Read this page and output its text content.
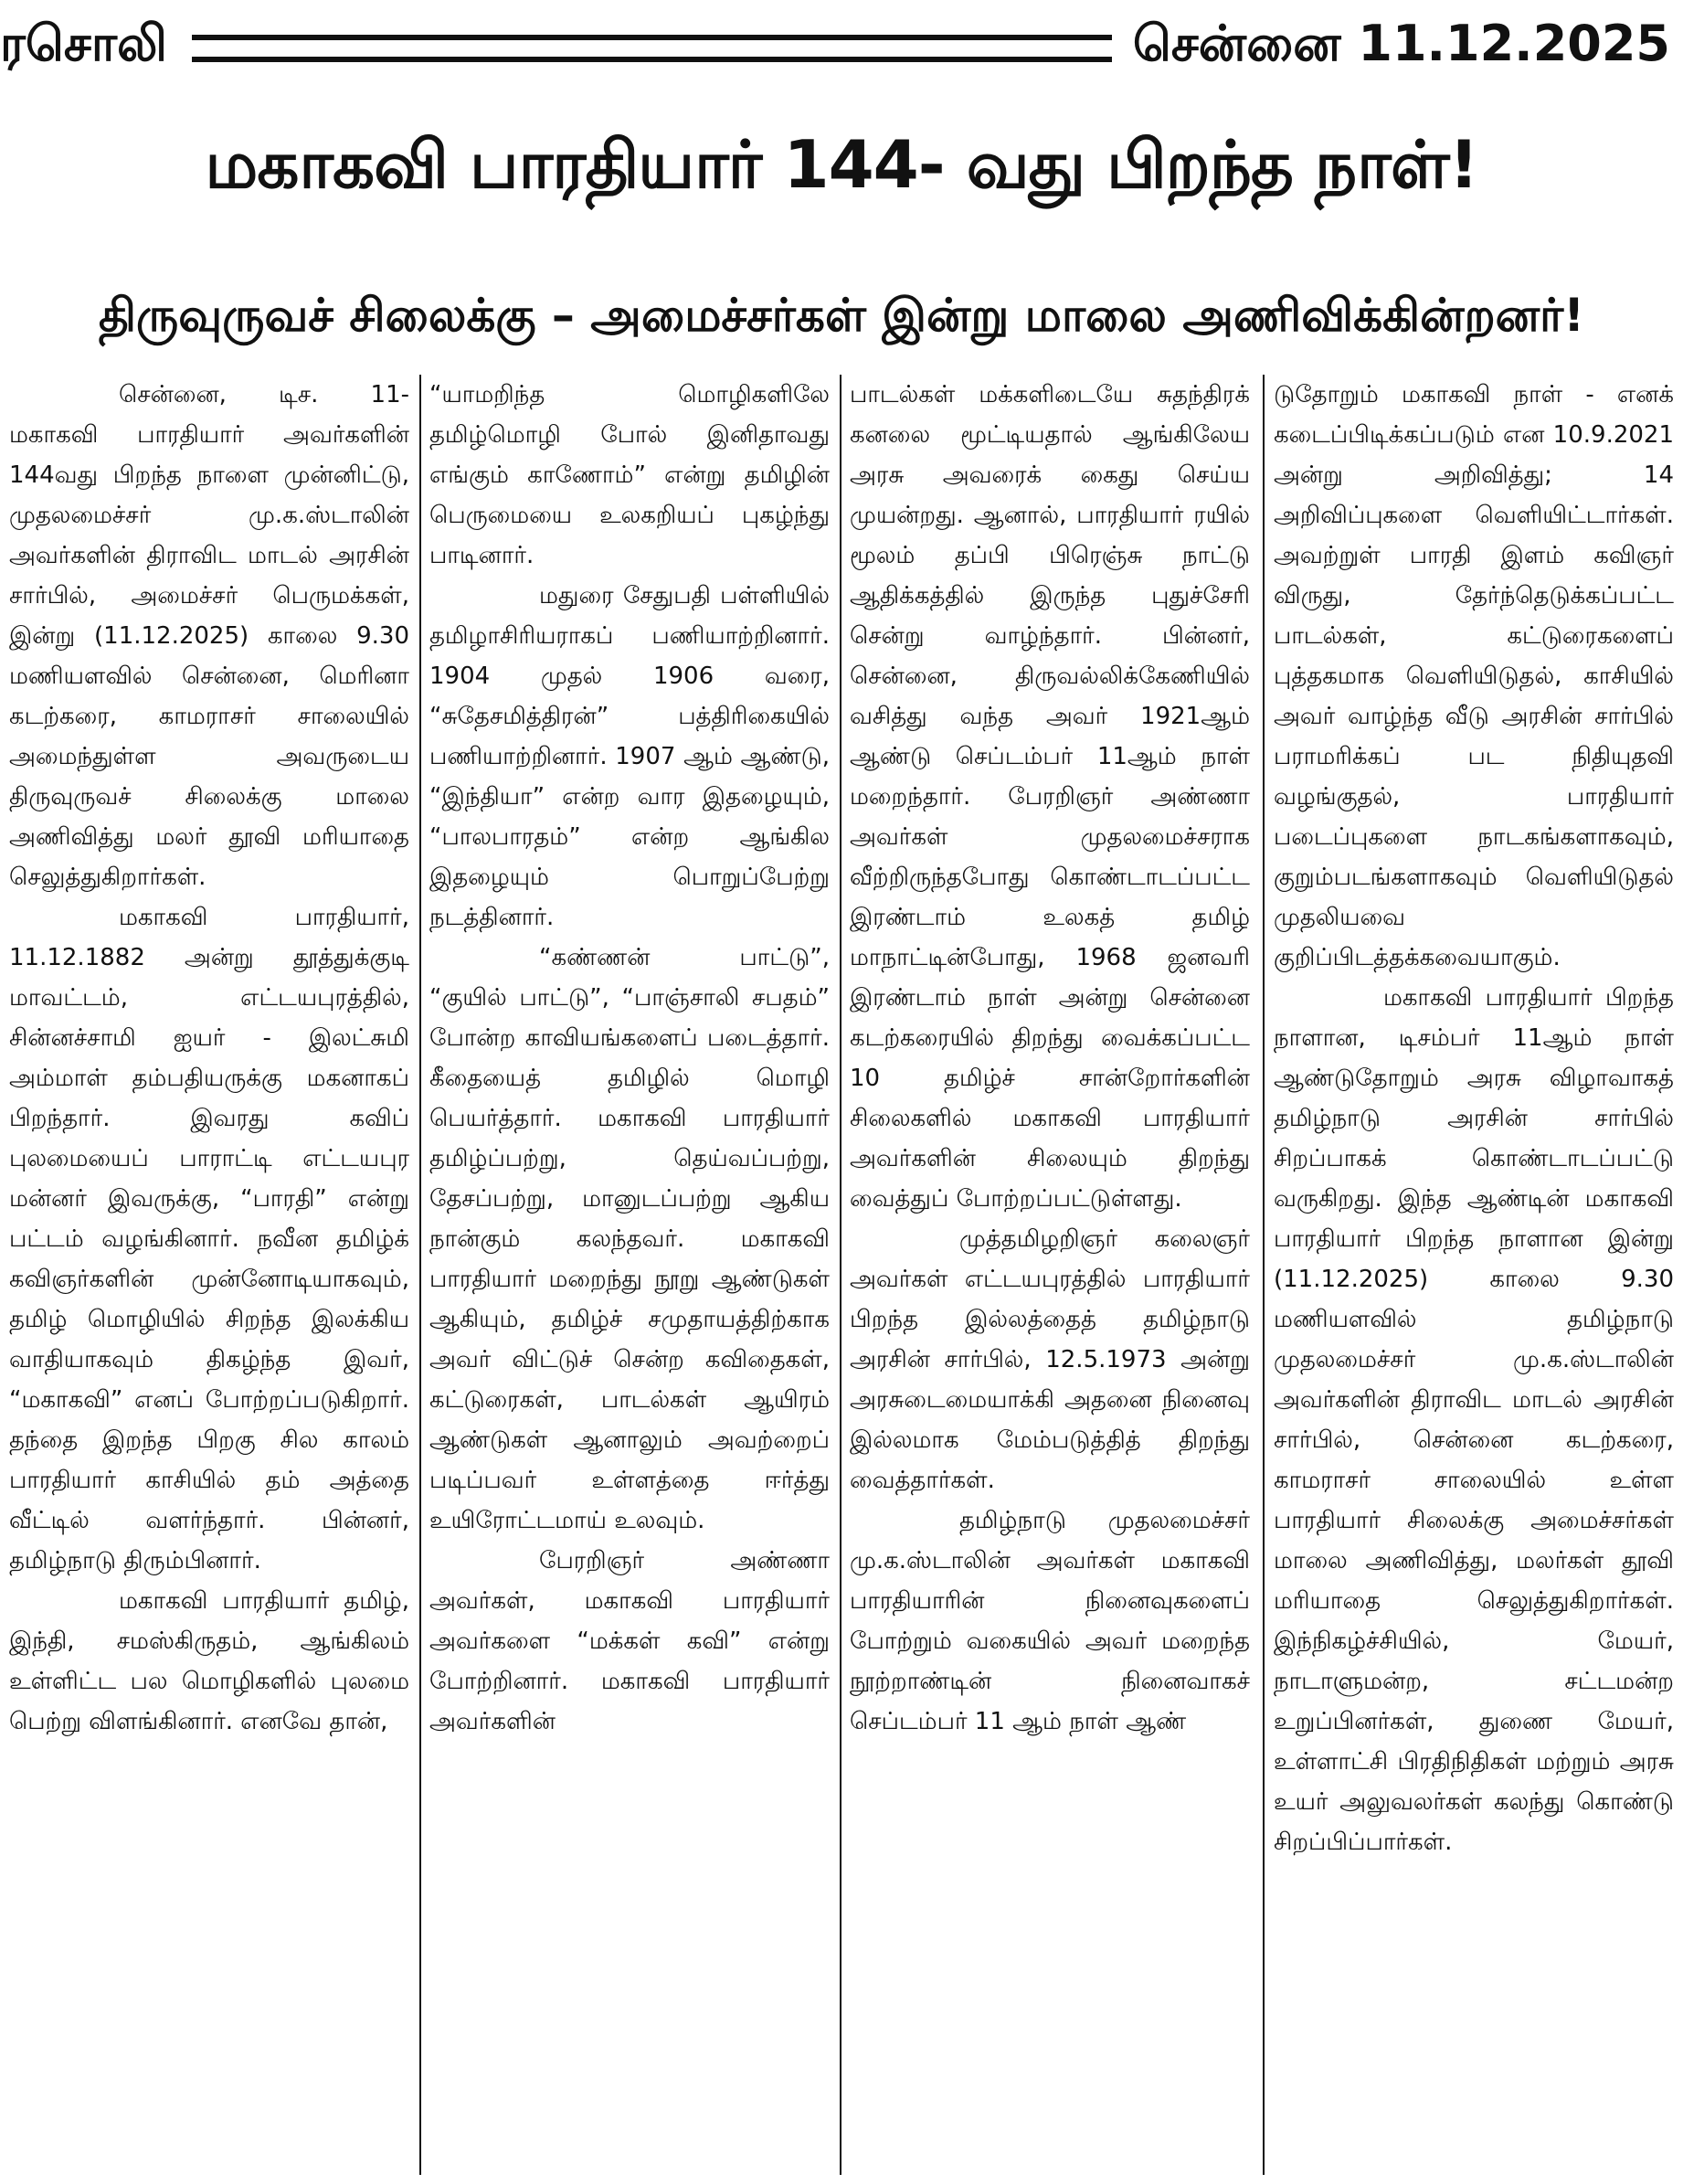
ரசொலி	சென்னை 11.12.2025
மகாகவி பாரதியார் 144- வது பிறந்த நாள்!
திருவுருவச் சிலைக்கு – அமைச்சர்கள் இன்று மாலை அணிவிக்கின்றனர்!

சென்னை, டிச. 11- மகாகவி பாரதியார் அவர்களின் 144வது பிறந்த நாளை முன்னிட்டு, முதலமைச்சர் மு.க.ஸ்டாலின் அவர்களின் திராவிட மாடல் அரசின் சார்பில், அமைச்சர் பெருமக்கள், இன்று (11.12.2025) காலை 9.30 மணியளவில் சென்னை, மெரினா கடற்கரை, காமராசர் சாலையில் அமைந்துள்ள அவருடைய திருவுருவச் சிலைக்கு மாலை அணிவித்து மலர் தூவி மரியாதை செலுத்துகிறார்கள்.

மகாகவி பாரதியார், 11.12.1882 அன்று தூத்துக்குடி மாவட்டம், எட்டயபுரத்தில், சின்னச்சாமி ஐயர் - இலட்சுமி அம்மாள் தம்பதியருக்கு மகனாகப் பிறந்தார். இவரது கவிப் புலமையைப் பாராட்டி எட்டயபுர மன்னர் இவருக்கு, “பாரதி” என்று பட்டம் வழங்கினார். நவீன தமிழ்க் கவிஞர்களின் முன்னோடியாகவும், தமிழ் மொழியில் சிறந்த இலக்கிய வாதியாகவும் திகழ்ந்த இவர், “மகாகவி” எனப் போற்றப்படுகிறார். தந்தை இறந்த பிறகு சில காலம் பாரதியார் காசியில் தம் அத்தை வீட்டில் வளர்ந்தார். பின்னர், தமிழ்நாடு திரும்பினார்.

மகாகவி பாரதியார் தமிழ், இந்தி, சமஸ்கிருதம், ஆங்கிலம் உள்ளிட்ட பல மொழிகளில் புலமை பெற்று விளங்கினார். எனவே தான்,

“யாமறிந்த மொழிகளிலே தமிழ்மொழி போல் இனிதாவது எங்கும் காணோம்” என்று தமிழின் பெருமையை உலகறியப் புகழ்ந்து பாடினார்.

மதுரை சேதுபதி பள்ளியில் தமிழாசிரியராகப் பணியாற்றினார். 1904 முதல் 1906 வரை, “சுதேசமித்திரன்” பத்திரிகையில் பணியாற்றினார். 1907 ஆம் ஆண்டு, “இந்தியா” என்ற வார இதழையும், “பாலபாரதம்” என்ற ஆங்கில இதழையும் பொறுப்பேற்று நடத்தினார்.

“கண்ணன் பாட்டு”, “குயில் பாட்டு”, “பாஞ்சாலி சபதம்” போன்ற காவியங்களைப் படைத்தார். கீதையைத் தமிழில் மொழி பெயர்த்தார். மகாகவி பாரதியார் தமிழ்ப்பற்று, தெய்வப்பற்று, தேசப்பற்று, மானுடப்பற்று ஆகிய நான்கும் கலந்தவர். மகாகவி பாரதியார் மறைந்து நூறு ஆண்டுகள் ஆகியும், தமிழ்ச் சமுதாயத்திற்காக அவர் விட்டுச் சென்ற கவிதைகள், கட்டுரைகள், பாடல்கள் ஆயிரம் ஆண்டுகள் ஆனாலும் அவற்றைப் படிப்பவர் உள்ளத்தை ஈர்த்து உயிரோட்டமாய் உலவும்.

பேரறிஞர் அண்ணா அவர்கள், மகாகவி பாரதியார் அவர்களை “மக்கள் கவி” என்று போற்றினார். மகாகவி பாரதியார் அவர்களின்

பாடல்கள் மக்களிடையே சுதந்திரக் கனலை மூட்டியதால் ஆங்கிலேய அரசு அவரைக் கைது செய்ய முயன்றது. ஆனால், பாரதியார் ரயில் மூலம் தப்பி பிரெஞ்சு நாட்டு ஆதிக்கத்தில் இருந்த புதுச்சேரி சென்று வாழ்ந்தார். பின்னர், சென்னை, திருவல்லிக்கேணியில் வசித்து வந்த அவர் 1921ஆம் ஆண்டு செப்டம்பர் 11ஆம் நாள் மறைந்தார். பேரறிஞர் அண்ணா அவர்கள் முதலமைச்சராக வீற்றிருந்தபோது கொண்டாடப்பட்ட இரண்டாம் உலகத் தமிழ் மாநாட்டின்போது, 1968 ஜனவரி இரண்டாம் நாள் அன்று சென்னை கடற்கரையில் திறந்து வைக்கப்பட்ட 10 தமிழ்ச் சான்றோர்களின் சிலைகளில் மகாகவி பாரதியார் அவர்களின் சிலையும் திறந்து வைத்துப் போற்றப்பட்டுள்ளது.

முத்தமிழறிஞர் கலைஞர் அவர்கள் எட்டயபுரத்தில் பாரதியார் பிறந்த இல்லத்தைத் தமிழ்நாடு அரசின் சார்பில், 12.5.1973 அன்று அரசுடைமையாக்கி அதனை நினைவு இல்லமாக மேம்படுத்தித் திறந்து வைத்தார்கள்.

தமிழ்நாடு முதலமைச்சர் மு.க.ஸ்டாலின் அவர்கள் மகாகவி பாரதியாரின் நினைவுகளைப் போற்றும் வகையில் அவர் மறைந்த நூற்றாண்டின் நினைவாகச் செப்டம்பர் 11 ஆம் நாள் ஆண்

டுதோறும் மகாகவி நாள் - எனக் கடைப்பிடிக்கப்படும் என 10.9.2021 அன்று அறிவித்து; 14 அறிவிப்புகளை வெளியிட்டார்கள். அவற்றுள் பாரதி இளம் கவிஞர் விருது, தேர்ந்தெடுக்கப்பட்ட பாடல்கள், கட்டுரைகளைப் புத்தகமாக வெளியிடுதல், காசியில் அவர் வாழ்ந்த வீடு அரசின் சார்பில் பராமரிக்கப் பட நிதியுதவி வழங்குதல், பாரதியார் படைப்புகளை நாடகங்களாகவும், குறும்படங்களாகவும் வெளியிடுதல் முதலியவை குறிப்பிடத்தக்கவையாகும்.

மகாகவி பாரதியார் பிறந்த நாளான, டிசம்பர் 11ஆம் நாள் ஆண்டுதோறும் அரசு விழாவாகத் தமிழ்நாடு அரசின் சார்பில் சிறப்பாகக் கொண்டாடப்பட்டு வருகிறது. இந்த ஆண்டின் மகாகவி பாரதியார் பிறந்த நாளான இன்று (11.12.2025) காலை 9.30 மணியளவில் தமிழ்நாடு முதலமைச்சர் மு.க.ஸ்டாலின் அவர்களின் திராவிட மாடல் அரசின் சார்பில், சென்னை கடற்கரை, காமராசர் சாலையில் உள்ள பாரதியார் சிலைக்கு அமைச்சர்கள் மாலை அணிவித்து, மலர்கள் தூவி மரியாதை செலுத்துகிறார்கள். இந்நிகழ்ச்சியில், மேயர், நாடாளுமன்ற, சட்டமன்ற உறுப்பினர்கள், துணை மேயர், உள்ளாட்சி பிரதிநிதிகள் மற்றும் அரசு உயர் அலுவலர்கள் கலந்து கொண்டு சிறப்பிப்பார்கள்.
